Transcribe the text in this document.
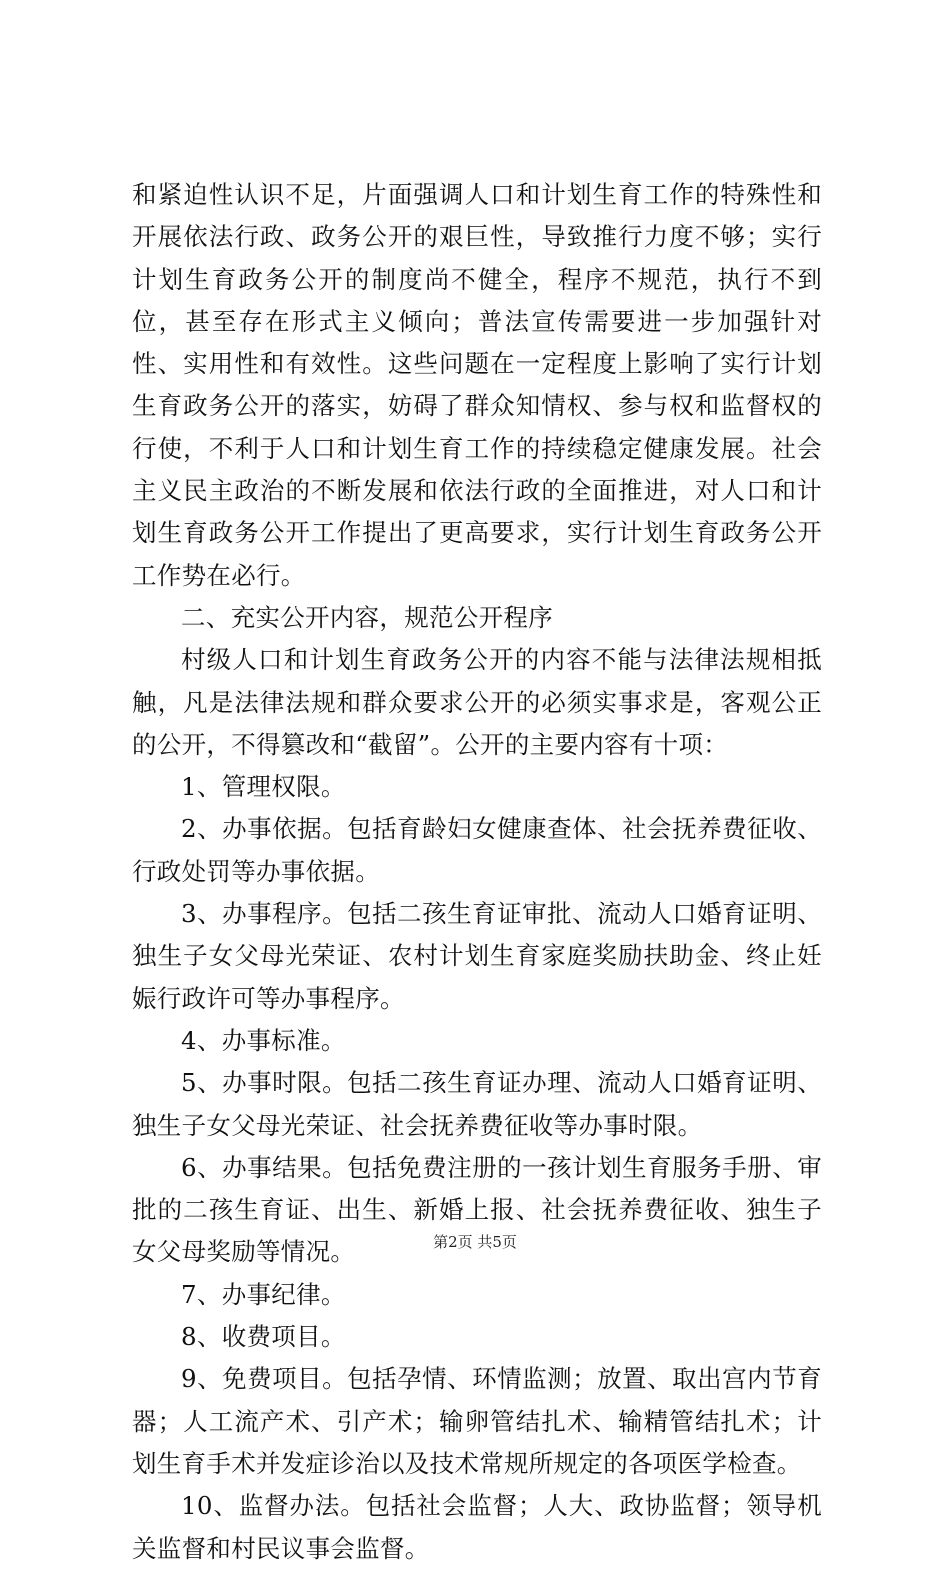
和紧迫性认识不足，片面强调人口和计划生育工作的特殊性和开展依法行政、政务公开的艰巨性，导致推行力度不够；实行计划生育政务公开的制度尚不健全，程序不规范，执行不到位，甚至存在形式主义倾向；普法宣传需要进一步加强针对性、实用性和有效性。这些问题在一定程度上影响了实行计划生育政务公开的落实，妨碍了群众知情权、参与权和监督权的行使，不利于人口和计划生育工作的持续稳定健康发展。社会主义民主政治的不断发展和依法行政的全面推进，对人口和计划生育政务公开工作提出了更高要求，实行计划生育政务公开工作势在必行。

二、充实公开内容，规范公开程序

村级人口和计划生育政务公开的内容不能与法律法规相抵触，凡是法律法规和群众要求公开的必须实事求是，客观公正的公开，不得篡改和“截留”。公开的主要内容有十项：

1、管理权限。

2、办事依据。包括育龄妇女健康查体、社会抚养费征收、行政处罚等办事依据。

3、办事程序。包括二孩生育证审批、流动人口婚育证明、独生子女父母光荣证、农村计划生育家庭奖励扶助金、终止妊娠行政许可等办事程序。

4、办事标准。

5、办事时限。包括二孩生育证办理、流动人口婚育证明、独生子女父母光荣证、社会抚养费征收等办事时限。

6、办事结果。包括免费注册的一孩计划生育服务手册、审批的二孩生育证、出生、新婚上报、社会抚养费征收、独生子女父母奖励等情况。

7、办事纪律。

8、收费项目。

9、免费项目。包括孕情、环情监测；放置、取出宫内节育器；人工流产术、引产术；输卵管结扎术、输精管结扎术；计划生育手术并发症诊治以及技术常规所规定的各项医学检查。

10、监督办法。包括社会监督；人大、政协监督；领导机关监督和村民议事会监督。

第2页 共5页
